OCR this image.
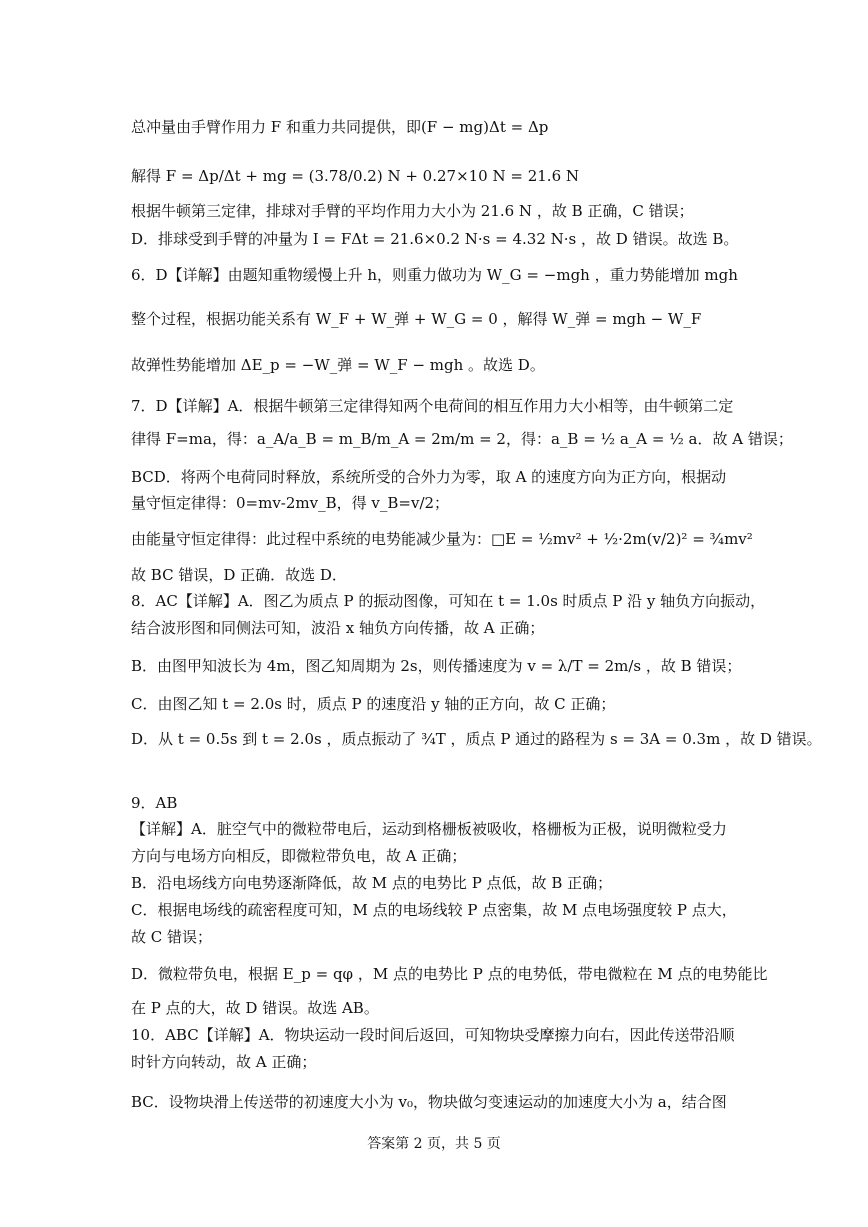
总冲量由手臂作用力 F 和重力共同提供，即(F − mg)Δt = Δp
解得 F = Δp/Δt + mg = (3.78/0.2) N + 0.27×10 N = 21.6 N
根据牛顿第三定律，排球对手臂的平均作用力大小为 21.6 N ，故 B 正确，C 错误；
D．排球受到手臂的冲量为 I = FΔt = 21.6×0.2 N·s = 4.32 N·s ，故 D 错误。故选 B。
6．D【详解】由题知重物缓慢上升 h，则重力做功为 W_G = −mgh ，重力势能增加 mgh
整个过程，根据功能关系有 W_F + W_弹 + W_G = 0 ，解得 W_弹 = mgh − W_F
故弹性势能增加 ΔE_p = −W_弹 = W_F − mgh 。故选 D。
7．D【详解】A．根据牛顿第三定律得知两个电荷间的相互作用力大小相等，由牛顿第二定
律得 F=ma，得：a_A/a_B = m_B/m_A = 2m/m = 2，得：a_B = ½ a_A = ½ a．故 A 错误；
BCD．将两个电荷同时释放，系统所受的合外力为零，取 A 的速度方向为正方向，根据动
量守恒定律得：0=mv-2mv_B，得 v_B=v/2；
由能量守恒定律得：此过程中系统的电势能减少量为：□E = ½mv² + ½·2m(v/2)² = ¾mv²
故 BC 错误，D 正确．故选 D．
8．AC【详解】A．图乙为质点 P 的振动图像，可知在 t = 1.0s 时质点 P 沿 y 轴负方向振动，
结合波形图和同侧法可知，波沿 x 轴负方向传播，故 A 正确；
B．由图甲知波长为 4m，图乙知周期为 2s，则传播速度为 v = λ/T = 2m/s ，故 B 错误；
C．由图乙知 t = 2.0s 时，质点 P 的速度沿 y 轴的正方向，故 C 正确；
D．从 t = 0.5s 到 t = 2.0s ，质点振动了 ¾T ，质点 P 通过的路程为 s = 3A = 0.3m ，故 D 错误。
9．AB
【详解】A．脏空气中的微粒带电后，运动到格栅板被吸收，格栅板为正极，说明微粒受力
方向与电场方向相反，即微粒带负电，故 A 正确；
B．沿电场线方向电势逐渐降低，故 M 点的电势比 P 点低，故 B 正确；
C．根据电场线的疏密程度可知，M 点的电场线较 P 点密集，故 M 点电场强度较 P 点大，
故 C 错误；
D．微粒带负电，根据 E_p = qφ ，M 点的电势比 P 点的电势低，带电微粒在 M 点的电势能比
在 P 点的大，故 D 错误。故选 AB。
10．ABC【详解】A．物块运动一段时间后返回，可知物块受摩擦力向右，因此传送带沿顺
时针方向转动，故 A 正确；
BC．设物块滑上传送带的初速度大小为 v₀，物块做匀变速运动的加速度大小为 a，结合图
答案第 2 页，共 5 页
